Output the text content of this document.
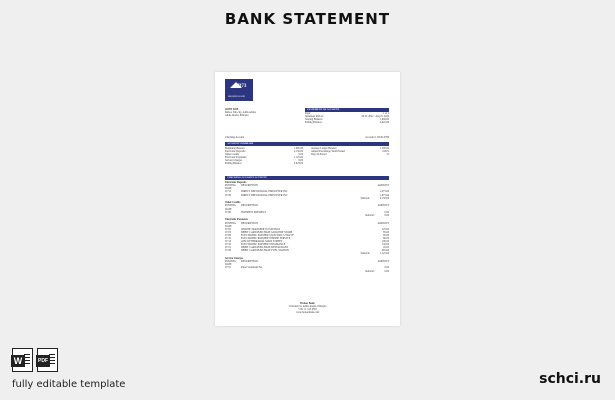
BANK STATEMENT
B73
BROKER BANK
JOHN DOE
Kirkos Sub-city, Addis Ababa
Addis Ababa, Ethiopia
STATEMENT OF ACCOUNT
Page:	1 of 1
Statement Period:	Jul 01 2022 - Aug 01 2022
Starting Balance:	1,000.00
Ending Balance:	2,025.00
Checking Account	Account # 12345-6789
ACCOUNT SUMMARY
Beginning Balance	1,000.00
Electronic Deposits	2,150.00
Other Credits	0.00
Electronic Payments	1,125.00
Service Charges	0.00
Ending Balance	2,025.00
Average Ledger Balance	1,500.00
Annual Percentage Yield Earned	0.00%
Days in Period	31
CHECKING ACCOUNT ACTIVITY
Electronic Deposits
POSTING DATE
DESCRIPTION	AMOUNT
07/12	DIRECT DEP PAYROLL EMPLOYER INC	1,075.00
07/26	DIRECT DEP PAYROLL EMPLOYER INC	1,075.00
Subtotal:	2,150.00
Other Credits
POSTING DATE
DESCRIPTION	AMOUNT
07/06	INTEREST PAYMENT	0.00
Subtotal:	0.00
Electronic Payments
POSTING DATE
DESCRIPTION	AMOUNT
07/02	ONLINE TRANSFER TO SAVINGS	125.00
07/03	DEBIT CARD PURCHASE GROCERY STORE	85.00
07/09	ELECTRONIC PAYMENT ELECTRIC UTILITY	95.00
07/10	ELECTRONIC PAYMENT PHONE SERVICE	60.00
07/14	ATM WITHDRAWAL MAIN STREET	100.00
07/18	ELECTRONIC PAYMENT INSURANCE	150.00
07/21	DEBIT CARD PURCHASE RESTAURANT	45.00
07/28	DEBIT CARD PURCHASE FUEL STATION	465.00
Subtotal:	1,125.00
Service Charges
POSTING DATE
DESCRIPTION	AMOUNT
07/31	Paper Statement Fee	0.00
Subtotal:	0.00
Broker Bank
Customer St, Addis Ababa, Ethiopia
+251 11 123 4567
www.brokerbank.com
W	PDF
fully editable template	schci.ru
